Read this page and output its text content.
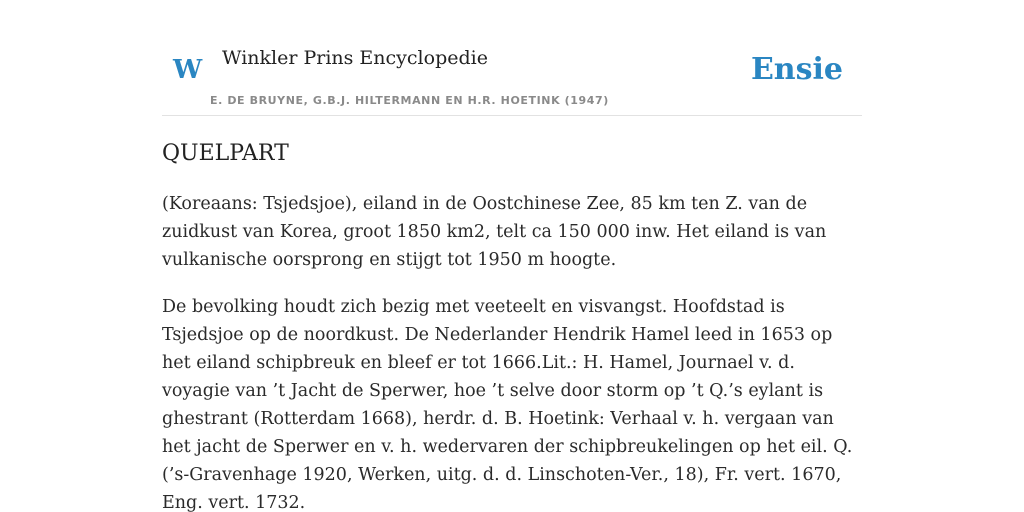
W Winkler Prins Encyclopedie
E. DE BRUYNE, G.B.J. HILTERMANN EN H.R. HOETINK (1947)
Ensie
QUELPART

(Koreaans: Tsjedsjoe), eiland in de Oostchinese Zee, 85 km ten Z. van de zuidkust van Korea, groot 1850 km2, telt ca 150 000 inw. Het eiland is van vulkanische oorsprong en stijgt tot 1950 m hoogte.

De bevolking houdt zich bezig met veeteelt en visvangst. Hoofdstad is Tsjedsjoe op de noordkust. De Nederlander Hendrik Hamel leed in 1653 op het eiland schipbreuk en bleef er tot 1666.Lit.: H. Hamel, Journael v. d. voyagie van ’t Jacht de Sperwer, hoe ’t selve door storm op ’t Q.’s eylant is ghestrant (Rotterdam 1668), herdr. d. B. Hoetink: Verhaal v. h. vergaan van het jacht de Sperwer en v. h. wedervaren der schipbreukelingen op het eil. Q. (’s-Gravenhage 1920, Werken, uitg. d. d. Linschoten-Ver., 18), Fr. vert. 1670, Eng. vert. 1732.
